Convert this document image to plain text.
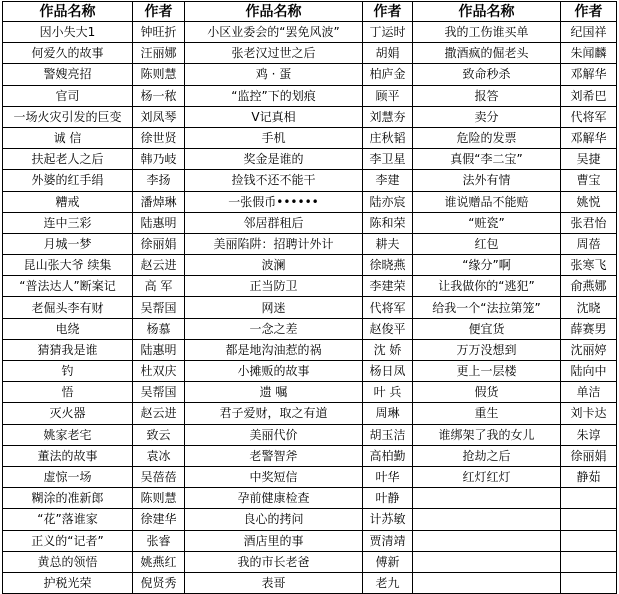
作品名称	作者	作品名称	作者	作品名称	作者
因小失大1	钟旺折	小区业委会的“罢免风波”	丁运时	我的工伤谁买单	纪国祥
何爱久的故事	汪丽娜	张老汉过世之后	胡娟	撒酒疯的倔老头	朱闻麟
警嫂亮招	陈则慧	鸡 · 蛋	柏庐金	致命秒杀	邓解华
官司	杨一秾	“监控”下的划痕	顾平	报答	刘希巴
一场火灾引发的巨变	刘凤琴	V记真相	刘慧夯	卖分	代将军
诚 信	徐世贤	手机	庄秋韬	危险的发票	邓解华
扶起老人之后	韩乃岐	奖金是谁的	李卫星	真假“李二宝”	吴捷
外婆的红手绢	李扬	捡钱不还不能干	李建	法外有情	曹宝
糟戒	潘焯琳	一张假币••••••	陆亦宸	谁说赠品不能赔	姚悦
连中三彩	陆惠明	邻居群租后	陈和荣	“赃瓷”	张君怡
月城一梦	徐丽娟	美丽陷阱：招聘计外计	耕夫	红包	周蓓
昆山张大爷 续集	赵云进	波澜	徐晓燕	“缘分”啊	张寒飞
“普法达人”断案记	高 军	正当防卫	李建荣	让我做你的“逃犯”	俞燕娜
老倔头李有财	吴帮国	网迷	代将军	给我一个“法拉第笼”	沈晓
电绕	杨慕	一念之差	赵俊平	便宜货	薛赛男
猜猜我是谁	陆惠明	都是地沟油惹的祸	沈 娇	万万没想到	沈丽婷
钓	杜双庆	小摊贩的故事	杨日凤	更上一层楼	陆向中
悟	吴帮国	遗 嘱	叶 兵	假货	单洁
灭火器	赵云进	君子爱财，取之有道	周琳	重生	刘卡达
姚家老宅	致云	美丽代价	胡玉洁	谁绑架了我的女儿	朱谆
董法的故事	袁冰	老警智斧	高柏勤	抢劫之后	徐丽娟
虚惊一场	吴蓓蓓	中奖短信	叶华	红灯红灯	静茹
糊涂的准新郎	陈则慧	孕前健康检查	叶静		
“花”落谁家	徐建华	良心的拷问	计苏敏		
正义的“记者”	张睿	酒店里的事	贾清靖		
黄总的领悟	姚燕红	我的市长老爸	傅新		
护税光荣	倪贤秀	表哥	老九		
